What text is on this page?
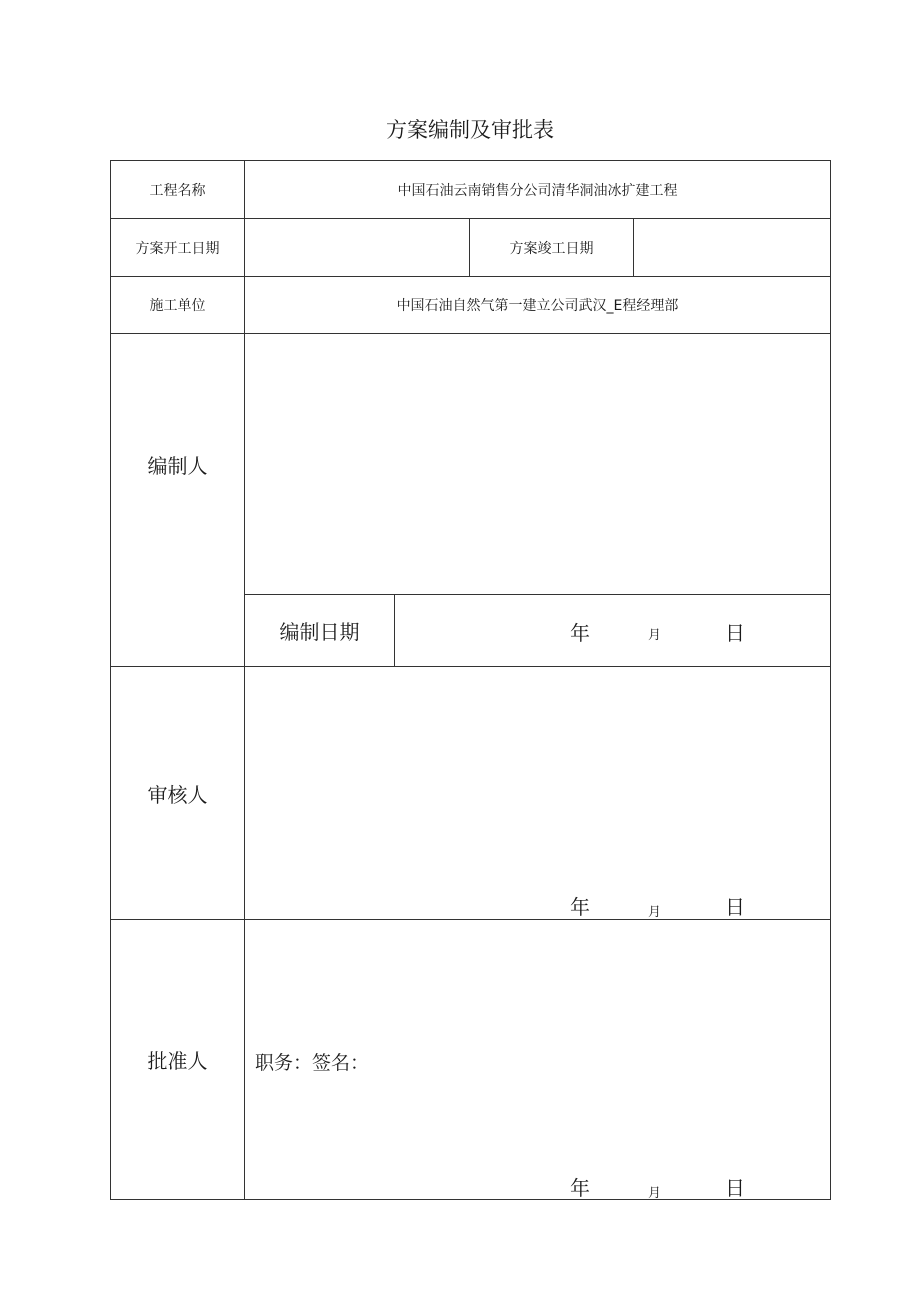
方案编制及审批表
工程名称	中国石油云南销售分公司清华洞油冰扩建工程
方案开工日期	方案竣工日期
施工单位	中国石油自然气第一建立公司武汉_E程经理部
编制人
编制日期	年	月	日
审核人
年	月	日
批准人	职务：签名：
年	月	日
